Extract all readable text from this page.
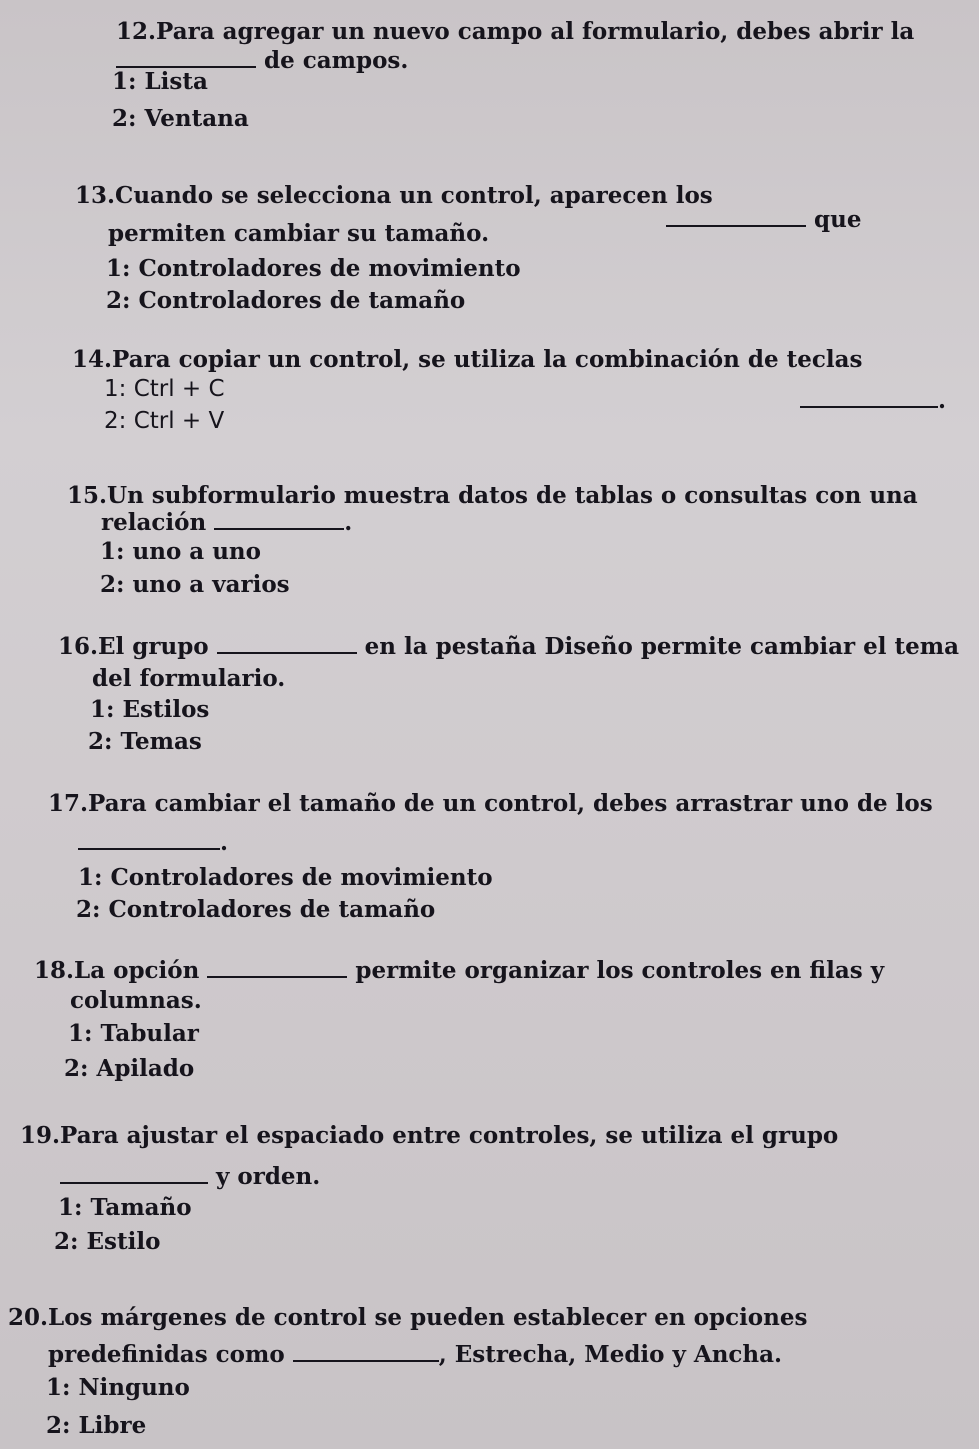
12.Para agregar un nuevo campo al formulario, debes abrir la
de campos.
1: Lista
2: Ventana
13.Cuando se selecciona un control, aparecen los
que
permiten cambiar su tamaño.
1: Controladores de movimiento
2: Controladores de tamaño
14.Para copiar un control, se utiliza la combinación de teclas
.
1: Ctrl + C
2: Ctrl + V
15.Un subformulario muestra datos de tablas o consultas con una
relación	.
1: uno a uno
2: uno a varios
16.El grupo	en la pestaña Diseño permite cambiar el tema
del formulario.
1: Estilos
2: Temas
17.Para cambiar el tamaño de un control, debes arrastrar uno de los
.
1: Controladores de movimiento
2: Controladores de tamaño
18.La opción	permite organizar los controles en filas y
columnas.
1: Tabular
2: Apilado
19.Para ajustar el espaciado entre controles, se utiliza el grupo
y orden.
1: Tamaño
2: Estilo
20.Los márgenes de control se pueden establecer en opciones
predefinidas como	, Estrecha, Medio y Ancha.
1: Ninguno
2: Libre
